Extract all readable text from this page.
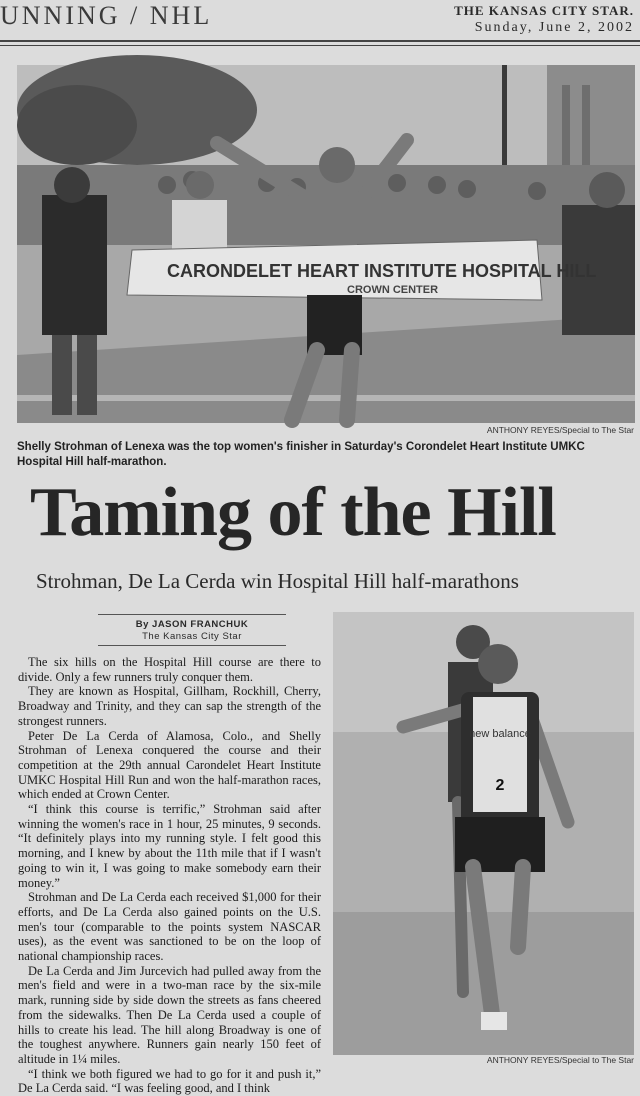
UNNING / NHL	THE KANSAS CITY STAR.
Sunday, June 2, 2002
CARONDELET HEART INSTITUTE HOSPITAL HILL
CROWN CENTER
ANTHONY REYES/Special to The Star
Shelly Strohman of Lenexa was the top women's finisher in Saturday's Corondelet Heart Institute UMKC Hospital Hill half-marathon.
Taming of the Hill
Strohman, De La Cerda win Hospital Hill half-marathons
By JASON FRANCHUK
The Kansas City Star

The six hills on the Hospital Hill course are there to divide. Only a few runners truly conquer them.

They are known as Hospital, Gillham, Rockhill, Cherry, Broadway and Trinity, and they can sap the strength of the strongest runners.

Peter De La Cerda of Alamosa, Colo., and Shelly Strohman of Lenexa conquered the course and their competition at the 29th annual Carondelet Heart Institute UMKC Hospital Hill Run and won the half-marathon races, which ended at Crown Center.

“I think this course is terrific,” Strohman said after winning the women's race in 1 hour, 25 minutes, 9 seconds. “It definitely plays into my running style. I felt good this morning, and I knew by about the 11th mile that if I wasn't going to win it, I was going to make somebody earn their money.”

Strohman and De La Cerda each received $1,000 for their efforts, and De La Cerda also gained points on the U.S. men's tour (comparable to the points system NASCAR uses), as the event was sanctioned to be on the loop of national championship races.

De La Cerda and Jim Jurcevich had pulled away from the men's field and were in a two-man race by the six-mile mark, running side by side down the streets as fans cheered from the sidewalks. Then De La Cerda used a couple of hills to create his lead. The hill along Broadway is one of the toughest anywhere. Runners gain nearly 150 feet of altitude in 1¼ miles.

“I think we both figured we had to go for it and push it,” De La Cerda said. “I was feeling good, and I think

new balance
2
ANTHONY REYES/Special to The Star
